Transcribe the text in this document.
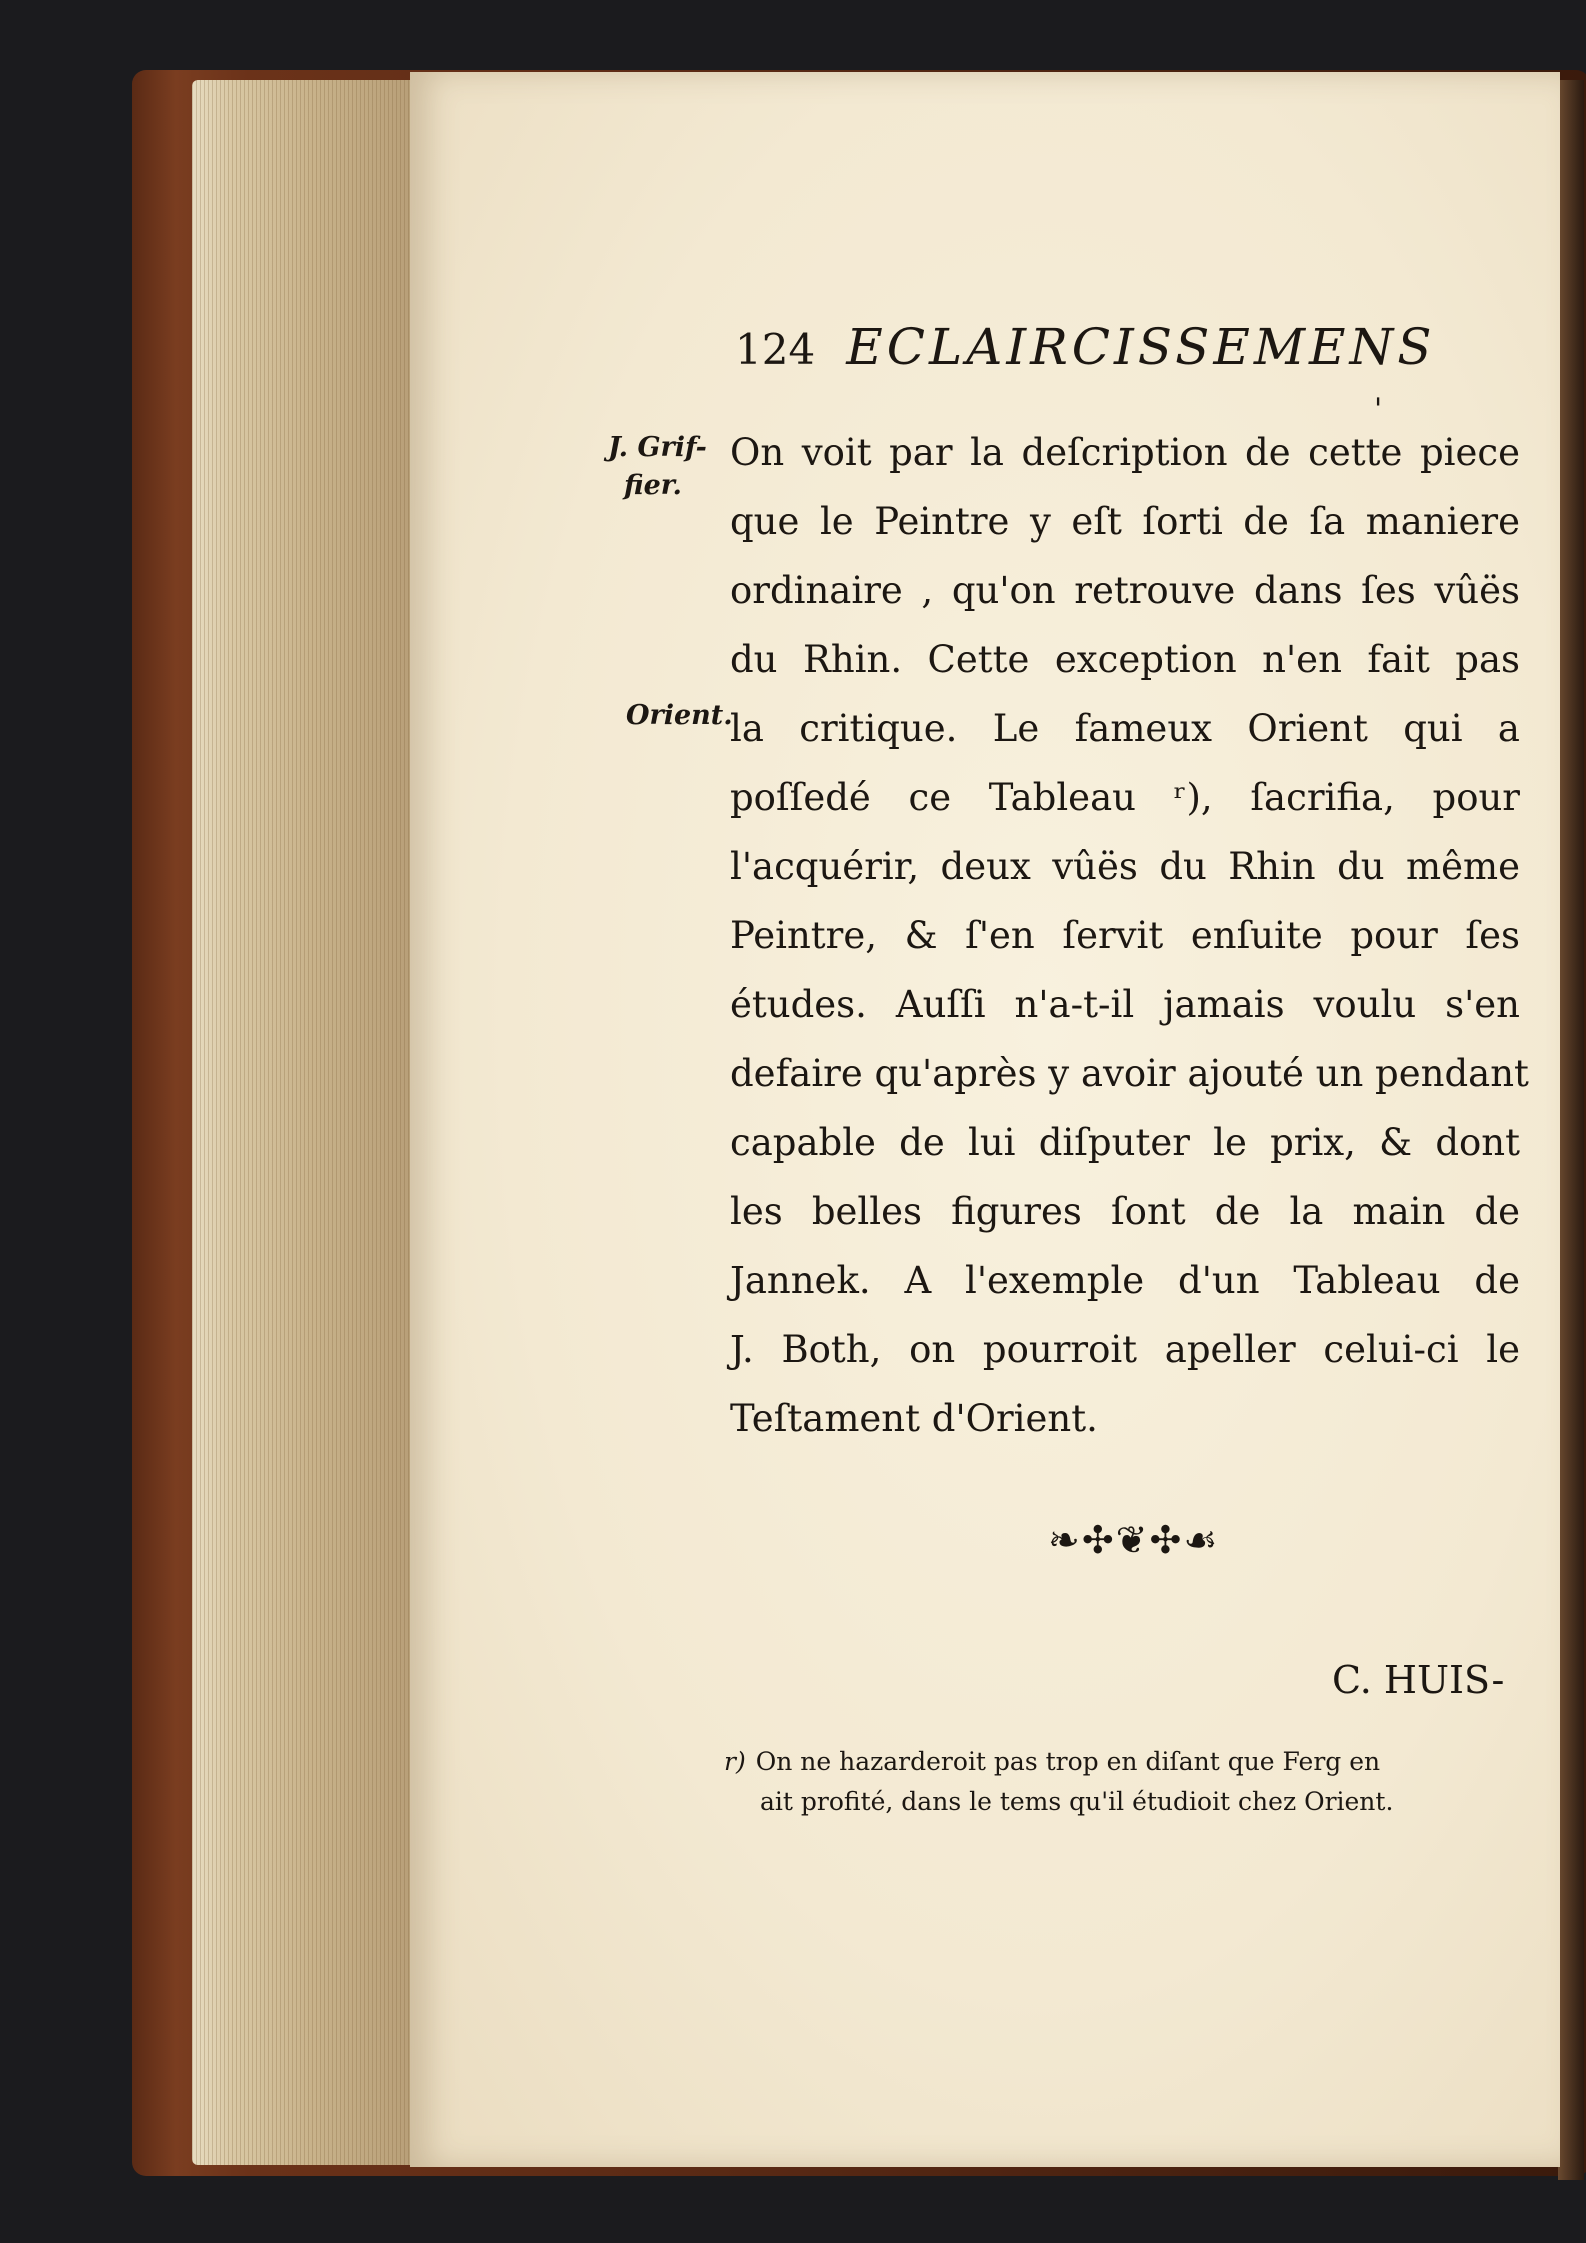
124 ECLAIRCISSEMENS
'
J. Grif-
fier.
Orient.
On voit par la deſcription de cette piece
que le Peintre y eſt ſorti de ſa maniere
ordinaire , qu'on retrouve dans ſes vûës
du Rhin. Cette exception n'en fait pas
la critique. Le fameux Orient qui a
poſſedé ce Tableau ʳ), ſacrifia, pour
l'acquérir, deux vûës du Rhin du même
Peintre, & ſ'en ſervit enſuite pour ſes
études. Auſſi n'a-t-il jamais voulu s'en
defaire qu'après y avoir ajouté un pendant
capable de lui diſputer le prix, & dont
les belles figures ſont de la main de
Jannek. A l'exemple d'un Tableau de
J. Both, on pourroit apeller celui-ci le
Teſtament d'Orient.
❧✣❦✣☙
C. HUIS-
r) On ne hazarderoit pas trop en diſant que Ferg en
ait profité, dans le tems qu'il étudioit chez Orient.
